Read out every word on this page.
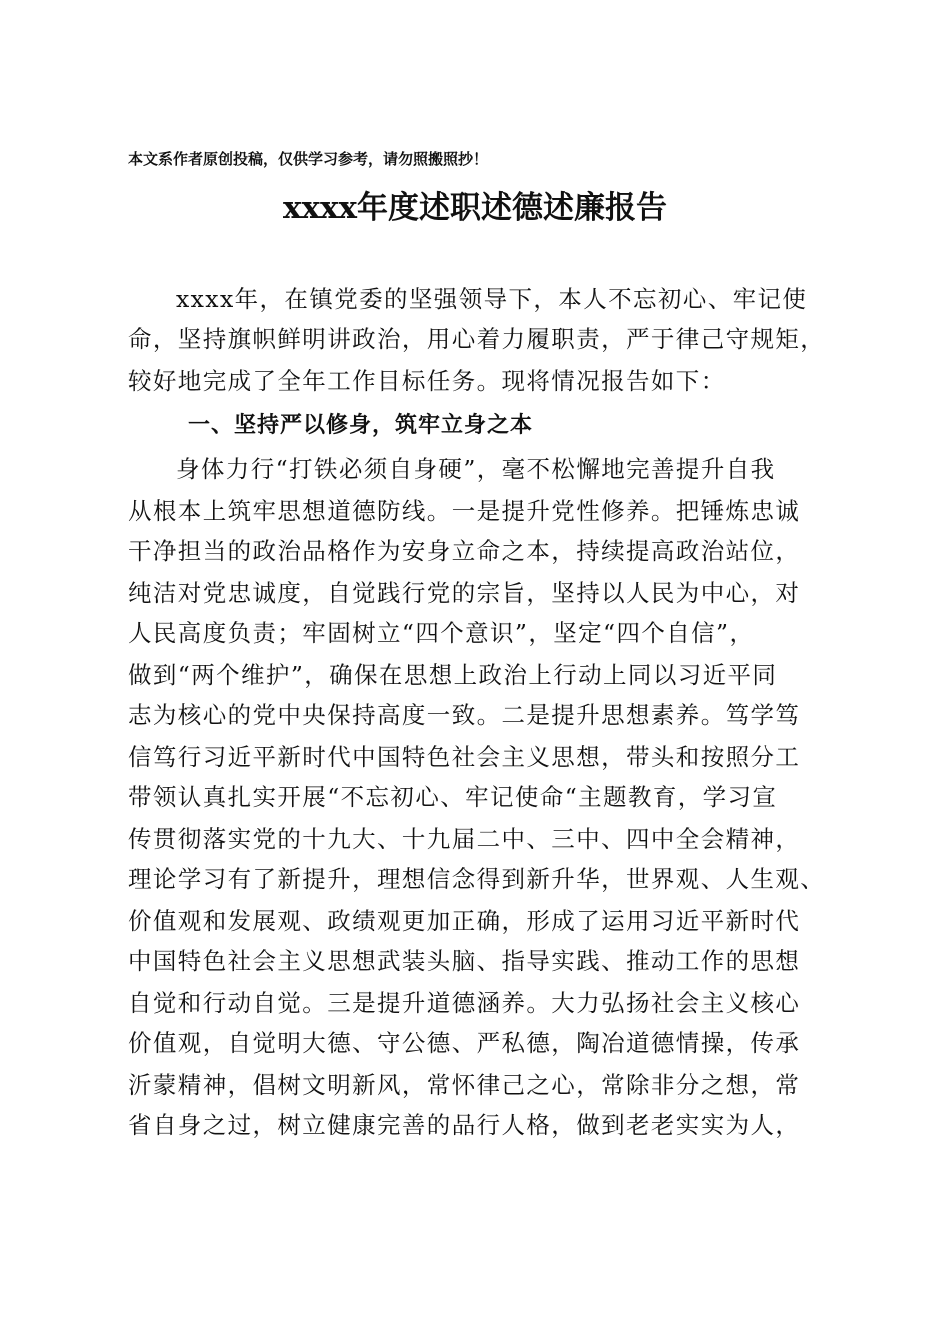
本文系作者原创投稿，仅供学习参考，请勿照搬照抄！
xxxx年度述职述德述廉报告
xxxx年，在镇党委的坚强领导下，本人不忘初心、牢记使
命，坚持旗帜鲜明讲政治，用心着力履职责，严于律己守规矩，
较好地完成了全年工作目标任务。现将情况报告如下：
一、坚持严以修身，筑牢立身之本
身体力行“打铁必须自身硬”，毫不松懈地完善提升自我
从根本上筑牢思想道德防线。一是提升党性修养。把锤炼忠诚
干净担当的政治品格作为安身立命之本，持续提高政治站位，
纯洁对党忠诚度，自觉践行党的宗旨，坚持以人民为中心，对
人民高度负责；牢固树立“四个意识”，坚定“四个自信”，
做到“两个维护”，确保在思想上政治上行动上同以习近平同
志为核心的党中央保持高度一致。二是提升思想素养。笃学笃
信笃行习近平新时代中国特色社会主义思想，带头和按照分工
带领认真扎实开展“不忘初心、牢记使命“主题教育，学习宣
传贯彻落实党的十九大、十九届二中、三中、四中全会精神，
理论学习有了新提升，理想信念得到新升华，世界观、人生观、
价值观和发展观、政绩观更加正确，形成了运用习近平新时代
中国特色社会主义思想武装头脑、指导实践、推动工作的思想
自觉和行动自觉。三是提升道德涵养。大力弘扬社会主义核心
价值观，自觉明大德、守公德、严私德，陶冶道德情操，传承
沂蒙精神，倡树文明新风，常怀律己之心，常除非分之想，常
省自身之过，树立健康完善的品行人格，做到老老实实为人，
